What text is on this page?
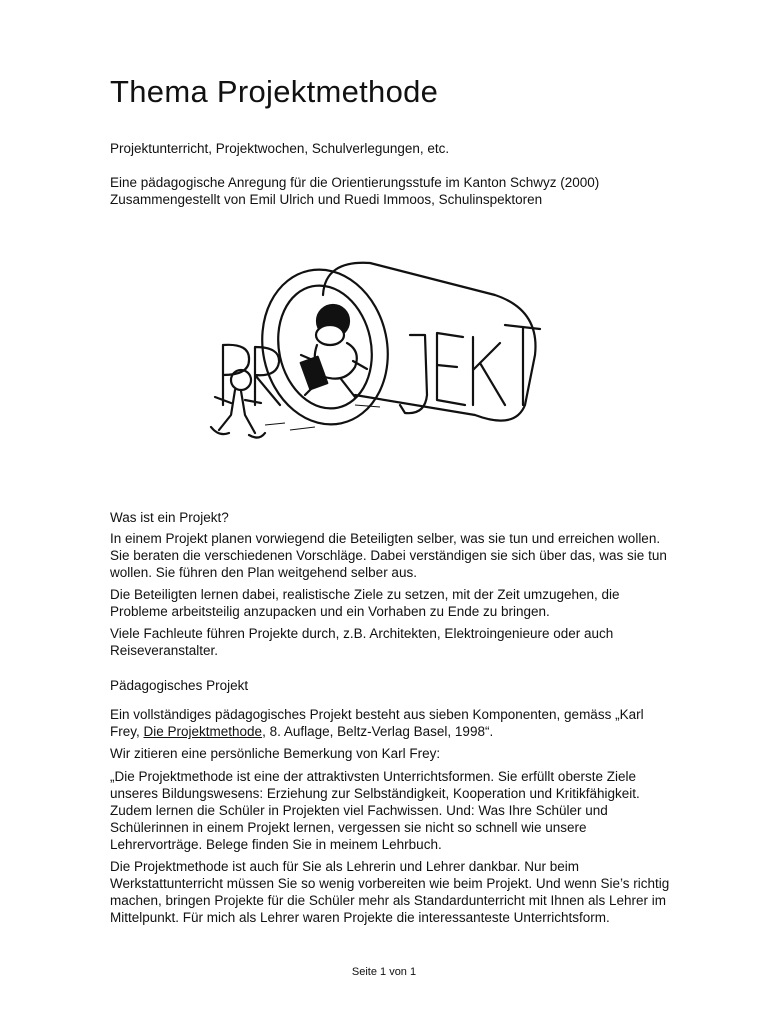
Thema Projektmethode

Projektunterricht, Projektwochen, Schulverlegungen, etc.

Eine pädagogische Anregung für die Orientierungsstufe im Kanton Schwyz (2000)

Zusammengestellt von Emil Ulrich und Ruedi Immoos, Schulinspektoren

Was ist ein Projekt?

In einem Projekt planen vorwiegend die Beteiligten selber, was sie tun und erreichen wollen. Sie beraten die verschiedenen Vorschläge. Dabei verständigen sie sich über das, was sie tun wollen. Sie führen den Plan weitgehend selber aus.

Die Beteiligten lernen dabei, realistische Ziele zu setzen, mit der Zeit umzugehen, die Probleme arbeitsteilig anzupacken und ein Vorhaben zu Ende zu bringen.

Viele Fachleute führen Projekte durch, z.B. Architekten, Elektroingenieure oder auch Reiseveranstalter.

Pädagogisches Projekt

Ein vollständiges pädagogisches Projekt besteht aus sieben Komponenten, gemäss „Karl Frey, Die Projektmethode, 8. Auflage, Beltz-Verlag Basel, 1998“.

Wir zitieren eine persönliche Bemerkung von Karl Frey:

„Die Projektmethode ist eine der attraktivsten Unterrichtsformen. Sie erfüllt oberste Ziele unseres Bildungswesens: Erziehung zur Selbständigkeit, Kooperation und Kritikfähigkeit. Zudem lernen die Schüler in Projekten viel Fachwissen. Und: Was Ihre Schüler und Schülerinnen in einem Projekt lernen, vergessen sie nicht so schnell wie unsere Lehrervorträge. Belege finden Sie in meinem Lehrbuch.

Die Projektmethode ist auch für Sie als Lehrerin und Lehrer dankbar. Nur beim Werkstattunterricht müssen Sie so wenig vorbereiten wie beim Projekt. Und wenn Sie’s richtig machen, bringen Projekte für die Schüler mehr als Standardunterricht mit Ihnen als Lehrer im Mittelpunkt. Für mich als Lehrer waren Projekte die interessanteste Unterrichtsform.

Seite 1 von 1
